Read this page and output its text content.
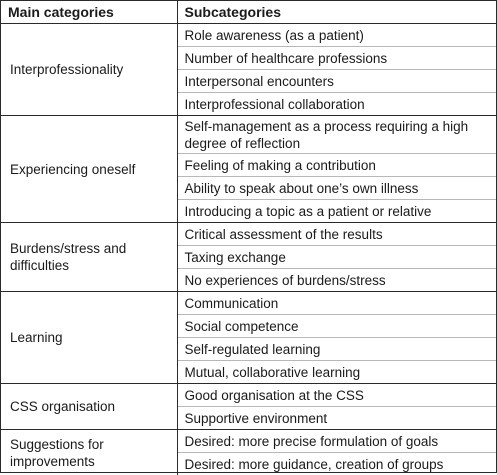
Main categories	Subcategories
Interprofessionality	Role awareness (as a patient)
	Number of healthcare professions
	Interpersonal encounters
	Interprofessional collaboration
Experiencing oneself	Self-management as a process requiring a high degree of reflection
	Feeling of making a contribution
	Ability to speak about one’s own illness
	Introducing a topic as a patient or relative
Burdens/stress and difficulties	Critical assessment of the results
	Taxing exchange
	No experiences of burdens/stress
Learning	Communication
	Social competence
	Self-regulated learning
	Mutual, collaborative learning
CSS organisation	Good organisation at the CSS
	Supportive environment
Suggestions for improvements	Desired: more precise formulation of goals
	Desired: more guidance, creation of groups
